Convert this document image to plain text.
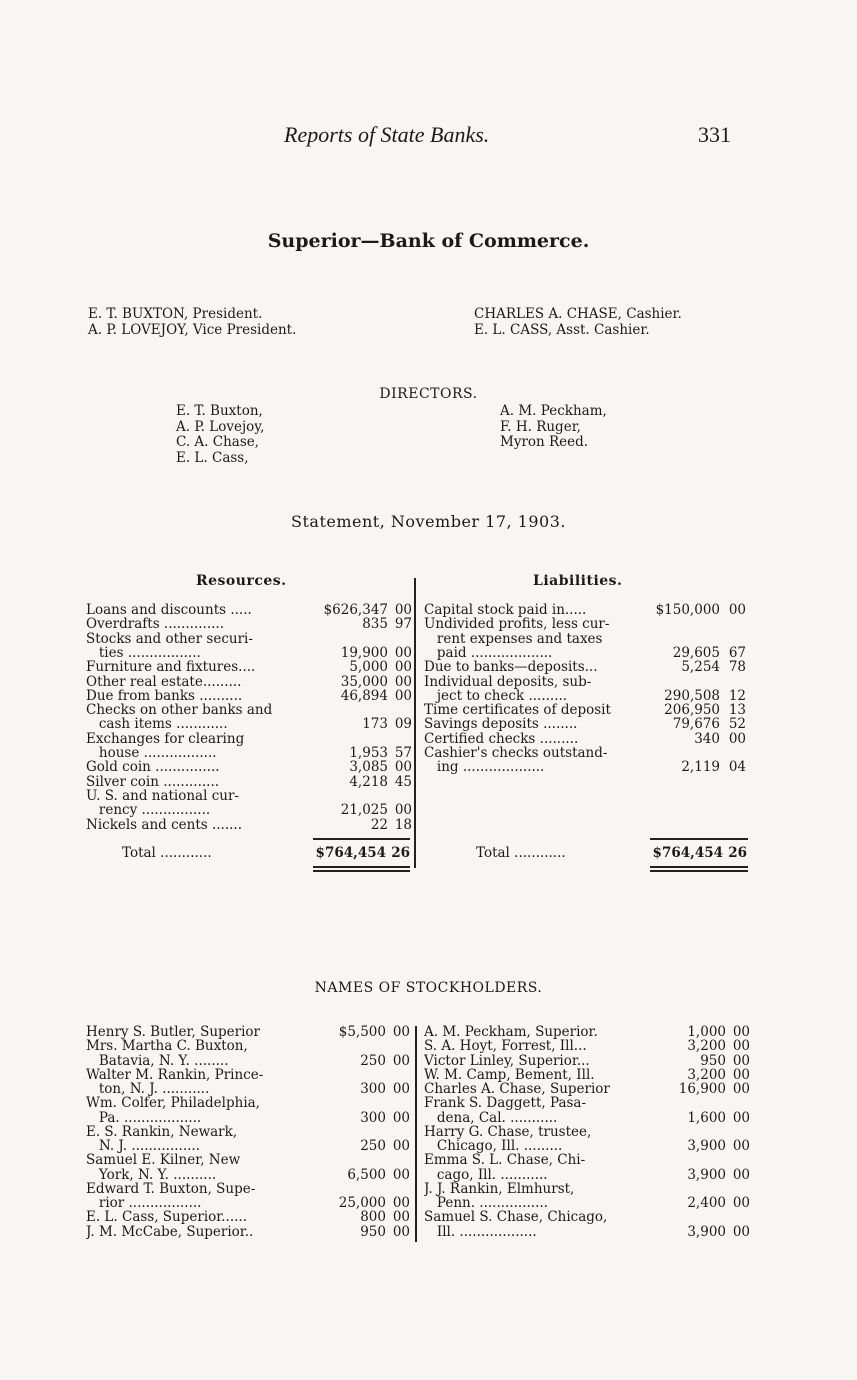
Reports of State Banks.	331
Superior—Bank of Commerce.
E. T. BUXTON, President.
A. P. LOVEJOY, Vice President.
CHARLES A. CHASE, Cashier.
E. L. CASS, Asst. Cashier.
DIRECTORS.
E. T. Buxton,
A. P. Lovejoy,
C. A. Chase,
E. L. Cass,
A. M. Peckham,
F. H. Ruger,
Myron Reed.
Statement, November 17, 1903.
Resources.	Liabilities.
Loans and discounts .....	$626,347 00
Overdrafts ..............	835 97
Stocks and other securi-
ties .................	19,900 00
Furniture and fixtures....	5,000 00
Other real estate.........	35,000 00
Due from banks ..........	46,894 00
Checks on other banks and
cash items ............	173 09
Exchanges for clearing
house .................	1,953 57
Gold coin ...............	3,085 00
Silver coin .............	4,218 45
U. S. and national cur-
rency ................	21,025 00
Nickels and cents .......	22 18
Capital stock paid in.....	$150,000 00
Undivided profits, less cur-
rent expenses and taxes
paid ...................	29,605 67
Due to banks—deposits...	5,254 78
Individual deposits, sub-
ject to check .........	290,508 12
Time certificates of deposit	206,950 13
Savings deposits ........	79,676 52
Certified checks .........	340 00
Cashier's checks outstand-
ing ...................	2,119 04
Total ............	$764,454 26	Total ............	$764,454 26
NAMES OF STOCKHOLDERS.
Henry S. Butler, Superior	$5,500 00
Mrs. Martha C. Buxton,
Batavia, N. Y. ........	250 00
Walter M. Rankin, Prince-
ton, N. J. ...........	300 00
Wm. Colfer, Philadelphia,
Pa. ..................	300 00
E. S. Rankin, Newark,
N. J. ................	250 00
Samuel E. Kilner, New
York, N. Y. ..........	6,500 00
Edward T. Buxton, Supe-
rior .................	25,000 00
E. L. Cass, Superior......	800 00
J. M. McCabe, Superior..	950 00
A. M. Peckham, Superior.	1,000 00
S. A. Hoyt, Forrest, Ill...	3,200 00
Victor Linley, Superior...	950 00
W. M. Camp, Bement, Ill.	3,200 00
Charles A. Chase, Superior	16,900 00
Frank S. Daggett, Pasa-
dena, Cal. ...........	1,600 00
Harry G. Chase, trustee,
Chicago, Ill. .........	3,900 00
Emma S. L. Chase, Chi-
cago, Ill. ...........	3,900 00
J. J. Rankin, Elmhurst,
Penn. ................	2,400 00
Samuel S. Chase, Chicago,
Ill. ..................	3,900 00
